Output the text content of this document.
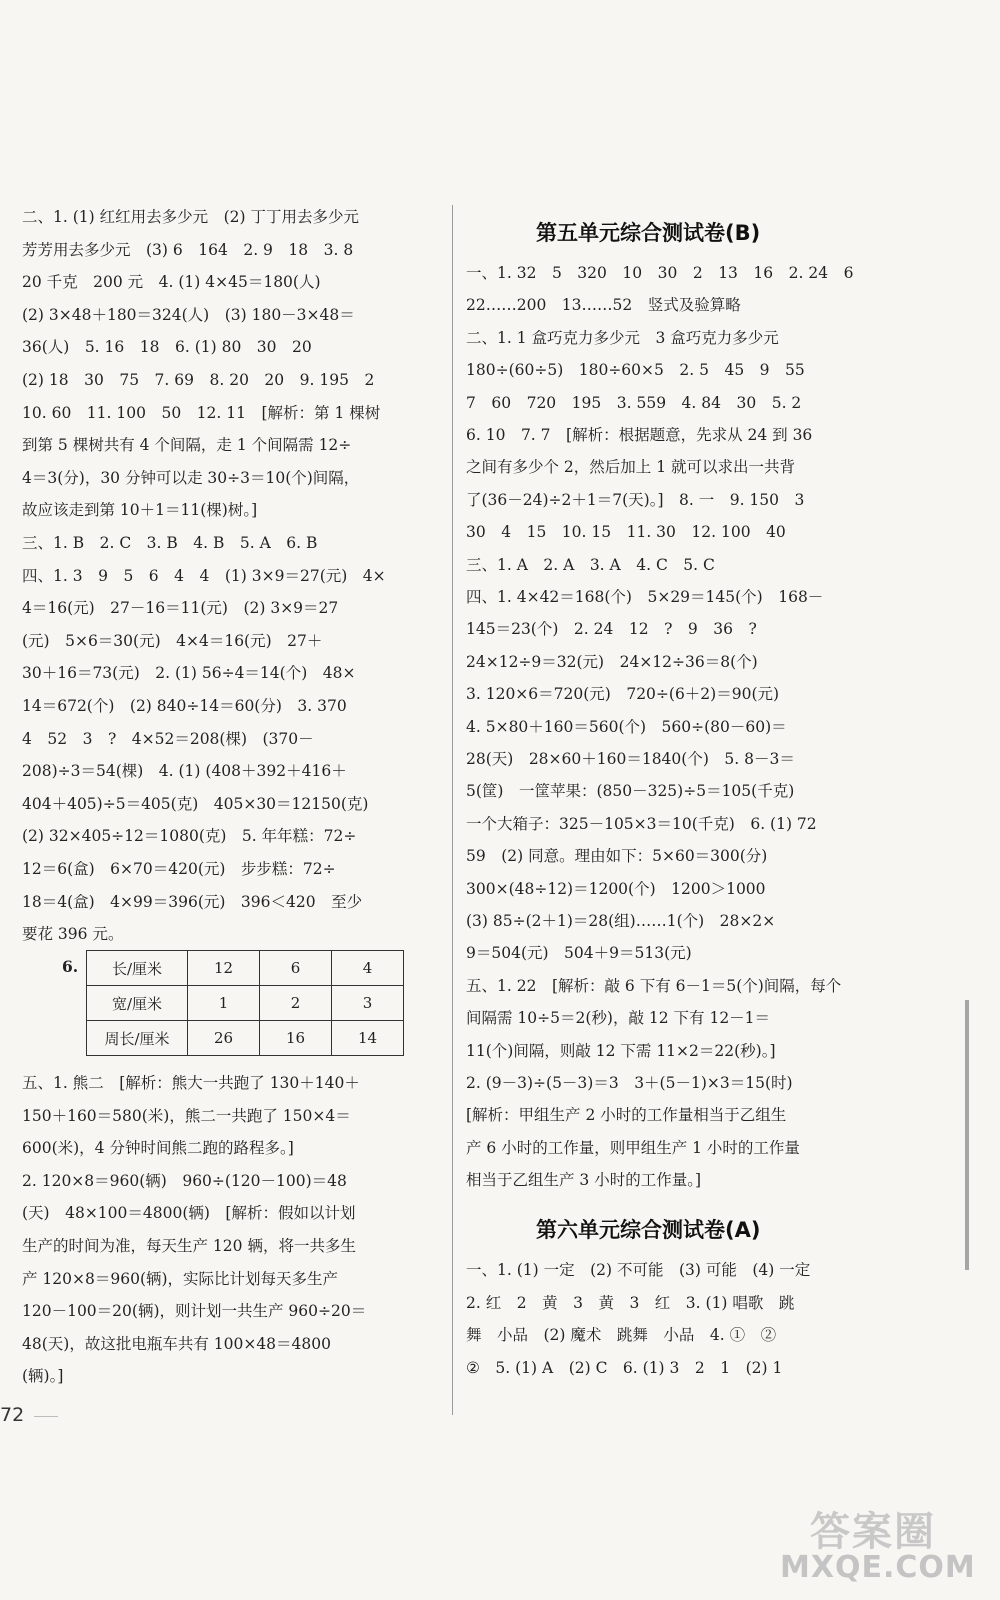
二、1. (1) 红红用去多少元　(2) 丁丁用去多少元
芳芳用去多少元　(3) 6　164　2. 9　18　3. 8
20 千克　200 元　4. (1) 4×45＝180(人)
(2) 3×48＋180＝324(人)　(3) 180－3×48＝
36(人)　5. 16　18　6. (1) 80　30　20
(2) 18　30　75　7. 69　8. 20　20　9. 195　2
10. 60　11. 100　50　12. 11　[解析：第 1 棵树
到第 5 棵树共有 4 个间隔，走 1 个间隔需 12÷
4＝3(分)，30 分钟可以走 30÷3＝10(个)间隔，
故应该走到第 10＋1＝11(棵)树。]
三、1. B　2. C　3. B　4. B　5. A　6. B
四、1. 3　9　5　6　4　4　(1) 3×9＝27(元)　4×
4＝16(元)　27－16＝11(元)　(2) 3×9＝27
(元)　5×6＝30(元)　4×4＝16(元)　27＋
30＋16＝73(元)　2. (1) 56÷4＝14(个)　48×
14＝672(个)　(2) 840÷14＝60(分)　3. 370
4　52　3　?　4×52＝208(棵)　(370－
208)÷3＝54(棵)　4. (1) (408＋392＋416＋
404＋405)÷5＝405(克)　405×30＝12150(克)
(2) 32×405÷12＝1080(克)　5. 年年糕：72÷
12＝6(盒)　6×70＝420(元)　步步糕：72÷
18＝4(盒)　4×99＝396(元)　396＜420　至少
要花 396 元。
6. 长/厘米	12	6	4
宽/厘米	1	2	3
周长/厘米	26	16	14
五、1. 熊二　[解析：熊大一共跑了 130＋140＋
150＋160＝580(米)，熊二一共跑了 150×4＝
600(米)，4 分钟时间熊二跑的路程多。]
2. 120×8＝960(辆)　960÷(120－100)＝48
(天)　48×100＝4800(辆)　[解析：假如以计划
生产的时间为准，每天生产 120 辆，将一共多生
产 120×8＝960(辆)，实际比计划每天多生产
120－100＝20(辆)，则计划一共生产 960÷20＝
48(天)，故这批电瓶车共有 100×48＝4800
(辆)。]
第五单元综合测试卷(B)
一、1. 32　5　320　10　30　2　13　16　2. 24　6
22……200　13……52　竖式及验算略
二、1. 1 盒巧克力多少元　3 盒巧克力多少元
180÷(60÷5)　180÷60×5　2. 5　45　9　55
7　60　720　195　3. 559　4. 84　30　5. 2
6. 10　7. 7　[解析：根据题意，先求从 24 到 36
之间有多少个 2，然后加上 1 就可以求出一共背
了(36－24)÷2＋1＝7(天)。]　8. 一　9. 150　3
30　4　15　10. 15　11. 30　12. 100　40
三、1. A　2. A　3. A　4. C　5. C
四、1. 4×42＝168(个)　5×29＝145(个)　168－
145＝23(个)　2. 24　12　?　9　36　?
24×12÷9＝32(元)　24×12÷36＝8(个)
3. 120×6＝720(元)　720÷(6＋2)＝90(元)
4. 5×80＋160＝560(个)　560÷(80－60)＝
28(天)　28×60＋160＝1840(个)　5. 8－3＝
5(筐)　一筐苹果：(850－325)÷5＝105(千克)
一个大箱子：325－105×3＝10(千克)　6. (1) 72
59　(2) 同意。理由如下：5×60＝300(分)
300×(48÷12)＝1200(个)　1200＞1000
(3) 85÷(2＋1)＝28(组)……1(个)　28×2×
9＝504(元)　504＋9＝513(元)
五、1. 22　[解析：敲 6 下有 6－1＝5(个)间隔，每个
间隔需 10÷5＝2(秒)，敲 12 下有 12－1＝
11(个)间隔，则敲 12 下需 11×2＝22(秒)。]
2. (9－3)÷(5－3)＝3　3＋(5－1)×3＝15(时)
[解析：甲组生产 2 小时的工作量相当于乙组生
产 6 小时的工作量，则甲组生产 1 小时的工作量
相当于乙组生产 3 小时的工作量。]
第六单元综合测试卷(A)
一、1. (1) 一定　(2) 不可能　(3) 可能　(4) 一定
2. 红　2　黄　3　黄　3　红　3. (1) 唱歌　跳
舞　小品　(2) 魔术　跳舞　小品　4. ①　②
②　5. (1) A　(2) C　6. (1) 3　2　1　(2) 1
72
答案圈
MXQE.COM
